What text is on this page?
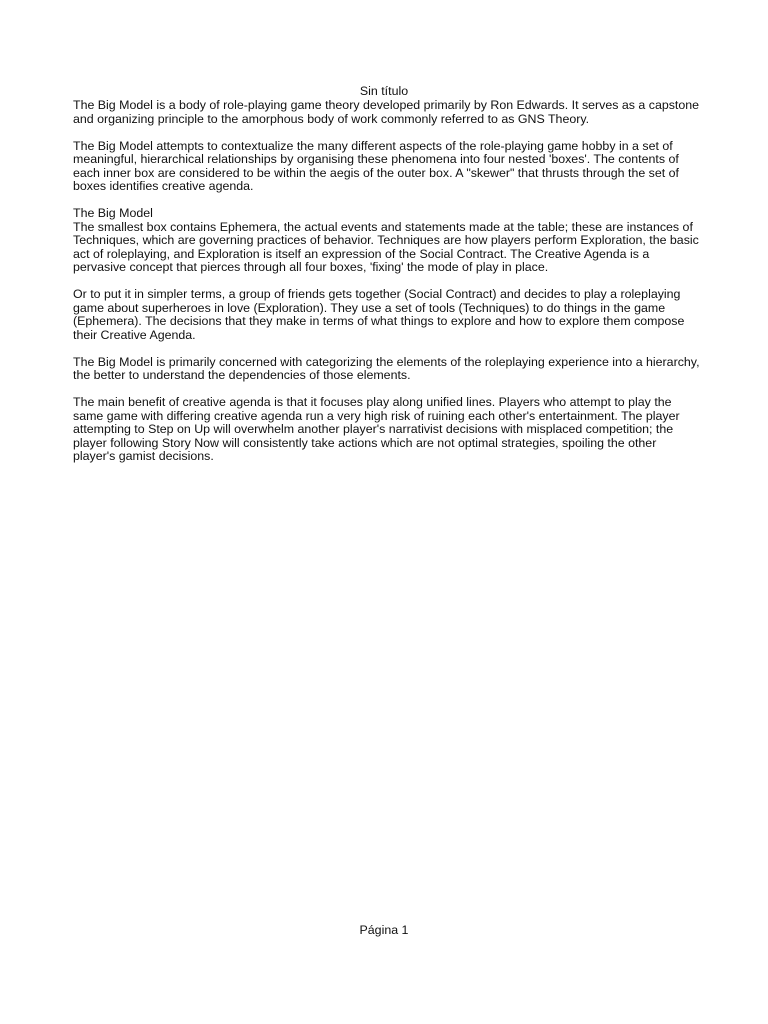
Sin título

The Big Model is a body of role-playing game theory developed primarily by Ron Edwards. It serves as a capstone and organizing principle to the amorphous body of work commonly referred to as GNS Theory.

The Big Model attempts to contextualize the many different aspects of the role-playing game hobby in a set of meaningful, hierarchical relationships by organising these phenomena into four nested 'boxes'. The contents of each inner box are considered to be within the aegis of the outer box. A "skewer" that thrusts through the set of boxes identifies creative agenda.

The Big Model

The smallest box contains Ephemera, the actual events and statements made at the table; these are instances of Techniques, which are governing practices of behavior. Techniques are how players perform Exploration, the basic act of roleplaying, and Exploration is itself an expression of the Social Contract. The Creative Agenda is a pervasive concept that pierces through all four boxes, 'fixing' the mode of play in place.

Or to put it in simpler terms, a group of friends gets together (Social Contract) and decides to play a roleplaying game about superheroes in love (Exploration). They use a set of tools (Techniques) to do things in the game (Ephemera). The decisions that they make in terms of what things to explore and how to explore them compose their Creative Agenda.

The Big Model is primarily concerned with categorizing the elements of the roleplaying experience into a hierarchy, the better to understand the dependencies of those elements.

The main benefit of creative agenda is that it focuses play along unified lines. Players who attempt to play the same game with differing creative agenda run a very high risk of ruining each other's entertainment. The player attempting to Step on Up will overwhelm another player's narrativist decisions with misplaced competition; the player following Story Now will consistently take actions which are not optimal strategies, spoiling the other player's gamist decisions.

Página 1
